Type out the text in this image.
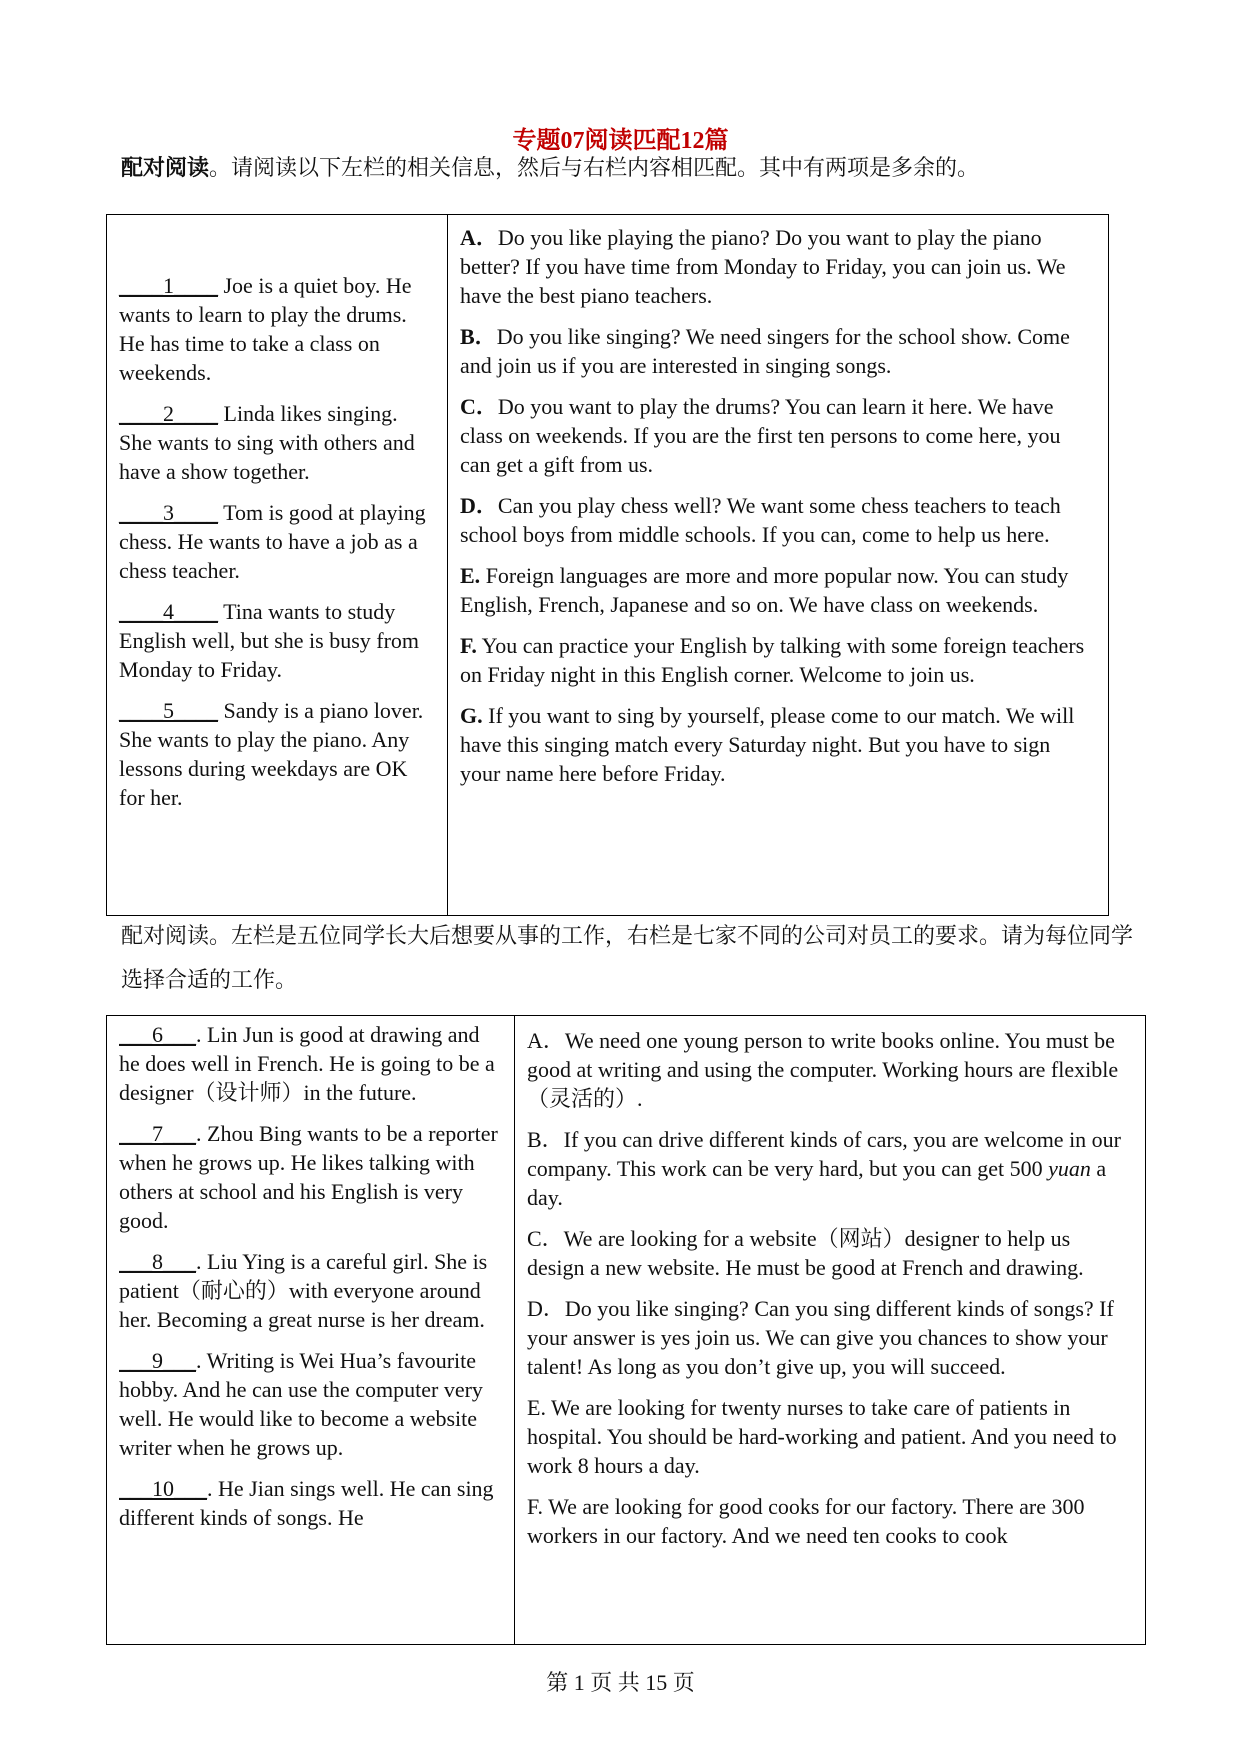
专题07阅读匹配12篇
配对阅读。请阅读以下左栏的相关信息，然后与右栏内容相匹配。其中有两项是多余的。
____1____ Joe is a quiet boy. He wants to learn to play the drums. He has time to take a class on weekends.
____2____ Linda likes singing. She wants to sing with others and have a show together.
____3____ Tom is good at playing chess. He wants to have a job as a chess teacher.
____4____ Tina wants to study English well, but she is busy from Monday to Friday.
____5____ Sandy is a piano lover. She wants to play the piano. Any lessons during weekdays are OK for her.

A．Do you like playing the piano? Do you want to play the piano better? If you have time from Monday to Friday, you can join us. We have the best piano teachers.
B．Do you like singing? We need singers for the school show. Come and join us if you are interested in singing songs.
C．Do you want to play the drums? You can learn it here. We have class on weekends. If you are the first ten persons to come here, you can get a gift from us.
D．Can you play chess well? We want some chess teachers to teach school boys from middle schools. If you can, come to help us here.
E. Foreign languages are more and more popular now. You can study English, French, Japanese and so on. We have class on weekends.
F. You can practice your English by talking with some foreign teachers on Friday night in this English corner. Welcome to join us.
G. If you want to sing by yourself, please come to our match. We will have this singing match every Saturday night. But you have to sign your name here before Friday.
配对阅读。左栏是五位同学长大后想要从事的工作，右栏是七家不同的公司对员工的要求。请为每位同学选择合适的工作。
___6___. Lin Jun is good at drawing and he does well in French. He is going to be a designer（设计师）in the future.
___7___. Zhou Bing wants to be a reporter when he grows up. He likes talking with others at school and his English is very good.
___8___. Liu Ying is a careful girl. She is patient（耐心的）with everyone around her. Becoming a great nurse is her dream.
___9___. Writing is Wei Hua’s favourite hobby. And he can use the computer very well. He would like to become a website writer when he grows up.
___10___. He Jian sings well. He can sing different kinds of songs. He

A．We need one young person to write books online. You must be good at writing and using the computer. Working hours are flexible（灵活的）.
B．If you can drive different kinds of cars, you are welcome in our company. This work can be very hard, but you can get 500 yuan a day.
C．We are looking for a website（网站）designer to help us design a new website. He must be good at French and drawing.
D．Do you like singing? Can you sing different kinds of songs? If your answer is yes join us. We can give you chances to show your talent! As long as you don’t give up, you will succeed.
E. We are looking for twenty nurses to take care of patients in hospital. You should be hard-working and patient. And you need to work 8 hours a day.
F. We are looking for good cooks for our factory. There are 300 workers in our factory. And we need ten cooks to cook
第 1 页 共 15 页
